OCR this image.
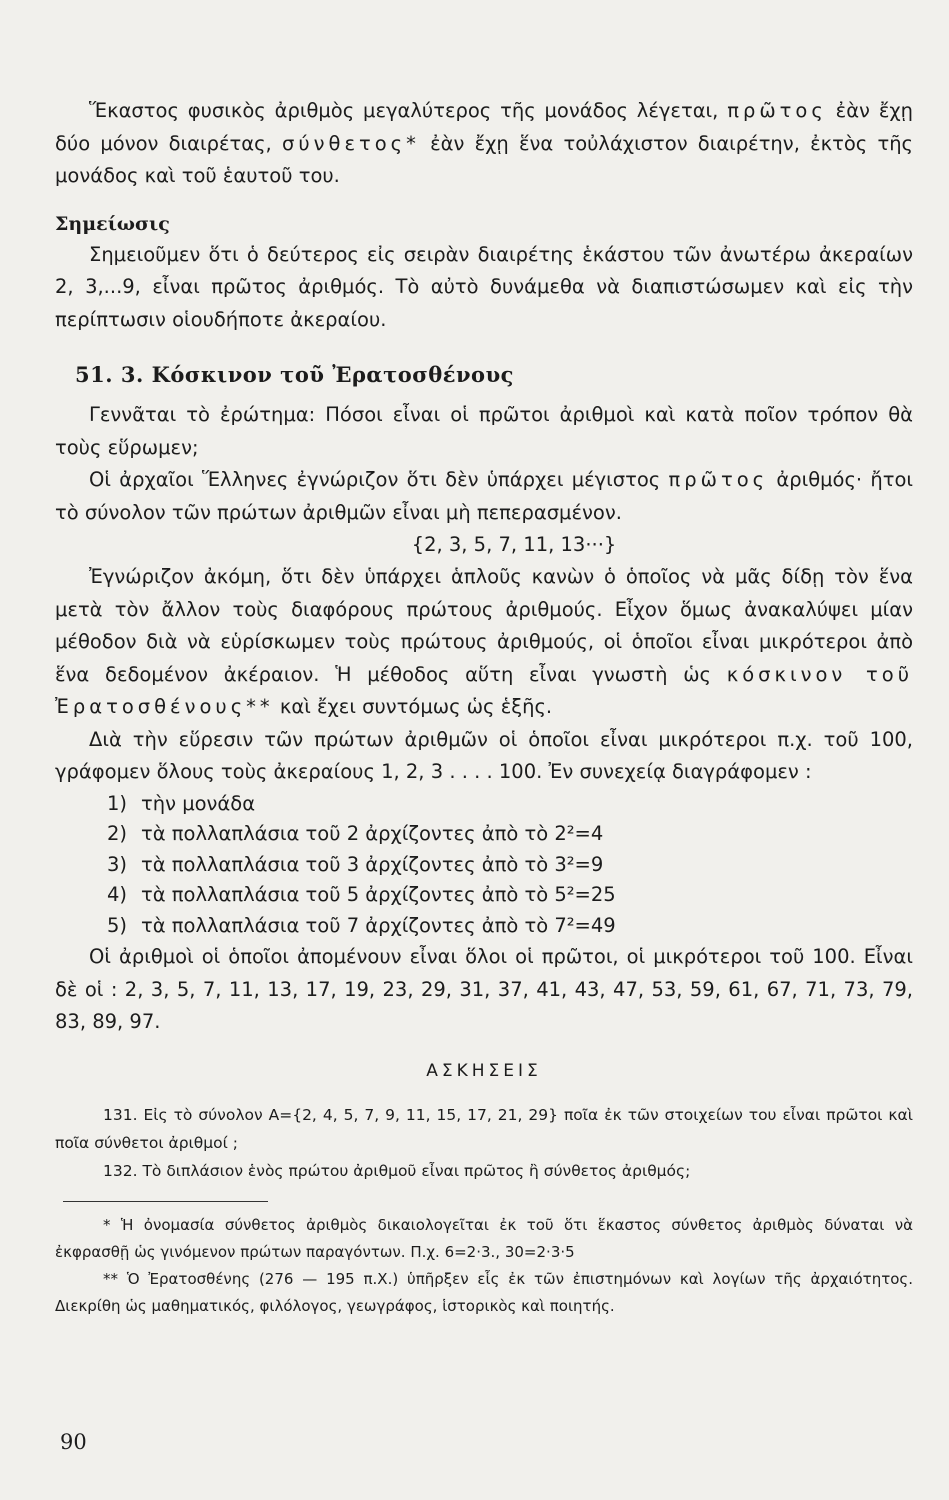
Ἕκαστος φυσικὸς ἀριθμὸς μεγαλύτερος τῆς μονάδος λέγεται, πρῶτος ἐὰν ἔχῃ δύο μόνον διαιρέτας, σύνθετος* ἐὰν ἔχῃ ἕνα τοὐλάχιστον διαιρέτην, ἐκτὸς τῆς μονάδος καὶ τοῦ ἑαυτοῦ του.

Σημείωσις

Σημειοῦμεν ὅτι ὁ δεύτερος εἰς σειρὰν διαιρέτης ἑκάστου τῶν ἀνωτέρω ἀκεραίων 2, 3,...9, εἶναι πρῶτος ἀριθμός. Τὸ αὐτὸ δυνάμεθα νὰ διαπιστώσωμεν καὶ εἰς τὴν περίπτωσιν οἱουδήποτε ἀκεραίου.

51. 3. Κόσκινον τοῦ Ἐρατοσθένους

Γεννᾶται τὸ ἐρώτημα: Πόσοι εἶναι οἱ πρῶτοι ἀριθμοὶ καὶ κατὰ ποῖον τρόπον θὰ τοὺς εὕρωμεν;

Οἱ ἀρχαῖοι Ἕλληνες ἐγνώριζον ὅτι δὲν ὑπάρχει μέγιστος πρῶτος ἀριθμός· ἤτοι τὸ σύνολον τῶν πρώτων ἀριθμῶν εἶναι μὴ πεπερασμένον.

{2, 3, 5, 7, 11, 13···}

Ἐγνώριζον ἀκόμη, ὅτι δὲν ὑπάρχει ἁπλοῦς κανὼν ὁ ὁποῖος νὰ μᾶς δίδῃ τὸν ἕνα μετὰ τὸν ἄλλον τοὺς διαφόρους πρώτους ἀριθμούς. Εἶχον ὅμως ἀνακαλύψει μίαν μέθοδον διὰ νὰ εὑρίσκωμεν τοὺς πρώτους ἀριθμούς, οἱ ὁποῖοι εἶναι μικρότεροι ἀπὸ ἕνα δεδομένον ἀκέραιον. Ἡ μέθοδος αὕτη εἶναι γνωστὴ ὡς κόσκινον τοῦ Ἐρατοσθένους** καὶ ἔχει συντόμως ὡς ἑξῆς.

Διὰ τὴν εὕρεσιν τῶν πρώτων ἀριθμῶν οἱ ὁποῖοι εἶναι μικρότεροι π.χ. τοῦ 100, γράφομεν ὅλους τοὺς ἀκεραίους 1, 2, 3 . . . . 100. Ἐν συνεχείᾳ διαγράφομεν :

1) τὴν μονάδα
2) τὰ πολλαπλάσια τοῦ 2 ἀρχίζοντες ἀπὸ τὸ 2²=4
3) τὰ πολλαπλάσια τοῦ 3 ἀρχίζοντες ἀπὸ τὸ 3²=9
4) τὰ πολλαπλάσια τοῦ 5 ἀρχίζοντες ἀπὸ τὸ 5²=25
5) τὰ πολλαπλάσια τοῦ 7 ἀρχίζοντες ἀπὸ τὸ 7²=49

Οἱ ἀριθμοὶ οἱ ὁποῖοι ἀπομένουν εἶναι ὅλοι οἱ πρῶτοι, οἱ μικρότεροι τοῦ 100. Εἶναι δὲ οἱ : 2, 3, 5, 7, 11, 13, 17, 19, 23, 29, 31, 37, 41, 43, 47, 53, 59, 61, 67, 71, 73, 79, 83, 89, 97.

ΑΣΚΗΣΕΙΣ

131. Εἰς τὸ σύνολον A={2, 4, 5, 7, 9, 11, 15, 17, 21, 29} ποῖα ἐκ τῶν στοιχείων του εἶναι πρῶτοι καὶ ποῖα σύνθετοι ἀριθμοί ;

132. Τὸ διπλάσιον ἑνὸς πρώτου ἀριθμοῦ εἶναι πρῶτος ἢ σύνθετος ἀριθμός;

* Ἡ ὀνομασία σύνθετος ἀριθμὸς δικαιολογεῖται ἐκ τοῦ ὅτι ἕκαστος σύνθετος ἀριθμὸς δύναται νὰ ἐκφρασθῇ ὡς γινόμενον πρώτων παραγόντων. Π.χ. 6=2·3., 30=2·3·5

** Ὁ Ἐρατοσθένης (276 — 195 π.Χ.) ὑπῆρξεν εἷς ἐκ τῶν ἐπιστημόνων καὶ λογίων τῆς ἀρχαιότητος. Διεκρίθη ὡς μαθηματικός, φιλόλογος, γεωγράφος, ἱστορικὸς καὶ ποιητής.

90
